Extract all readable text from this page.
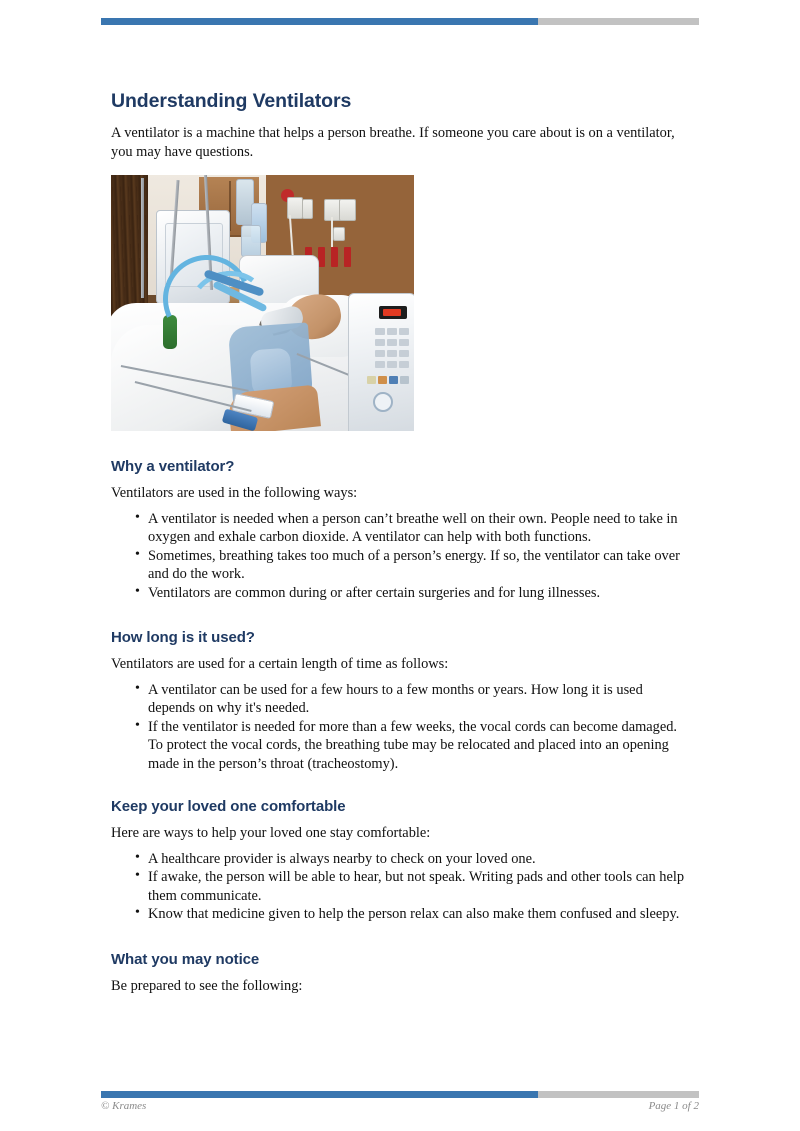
Understanding Ventilators

A ventilator is a machine that helps a person breathe. If someone you care about is on a ventilator, you may have questions.

Why a ventilator?

Ventilators are used in the following ways:

• A ventilator is needed when a person can’t breathe well on their own. People need to take in oxygen and exhale carbon dioxide. A ventilator can help with both functions.
• Sometimes, breathing takes too much of a person’s energy. If so, the ventilator can take over and do the work.
• Ventilators are common during or after certain surgeries and for lung illnesses.
How long is it used?

Ventilators are used for a certain length of time as follows:

• A ventilator can be used for a few hours to a few months or years. How long it is used depends on why it's needed.
• If the ventilator is needed for more than a few weeks, the vocal cords can become damaged. To protect the vocal cords, the breathing tube may be relocated and placed into an opening made in the person’s throat (tracheostomy).
Keep your loved one comfortable

Here are ways to help your loved one stay comfortable:

• A healthcare provider is always nearby to check on your loved one.
• If awake, the person will be able to hear, but not speak. Writing pads and other tools can help them communicate.
• Know that medicine given to help the person relax can also make them confused and sleepy.
What you may notice

Be prepared to see the following:

© Krames	Page 1 of 2
